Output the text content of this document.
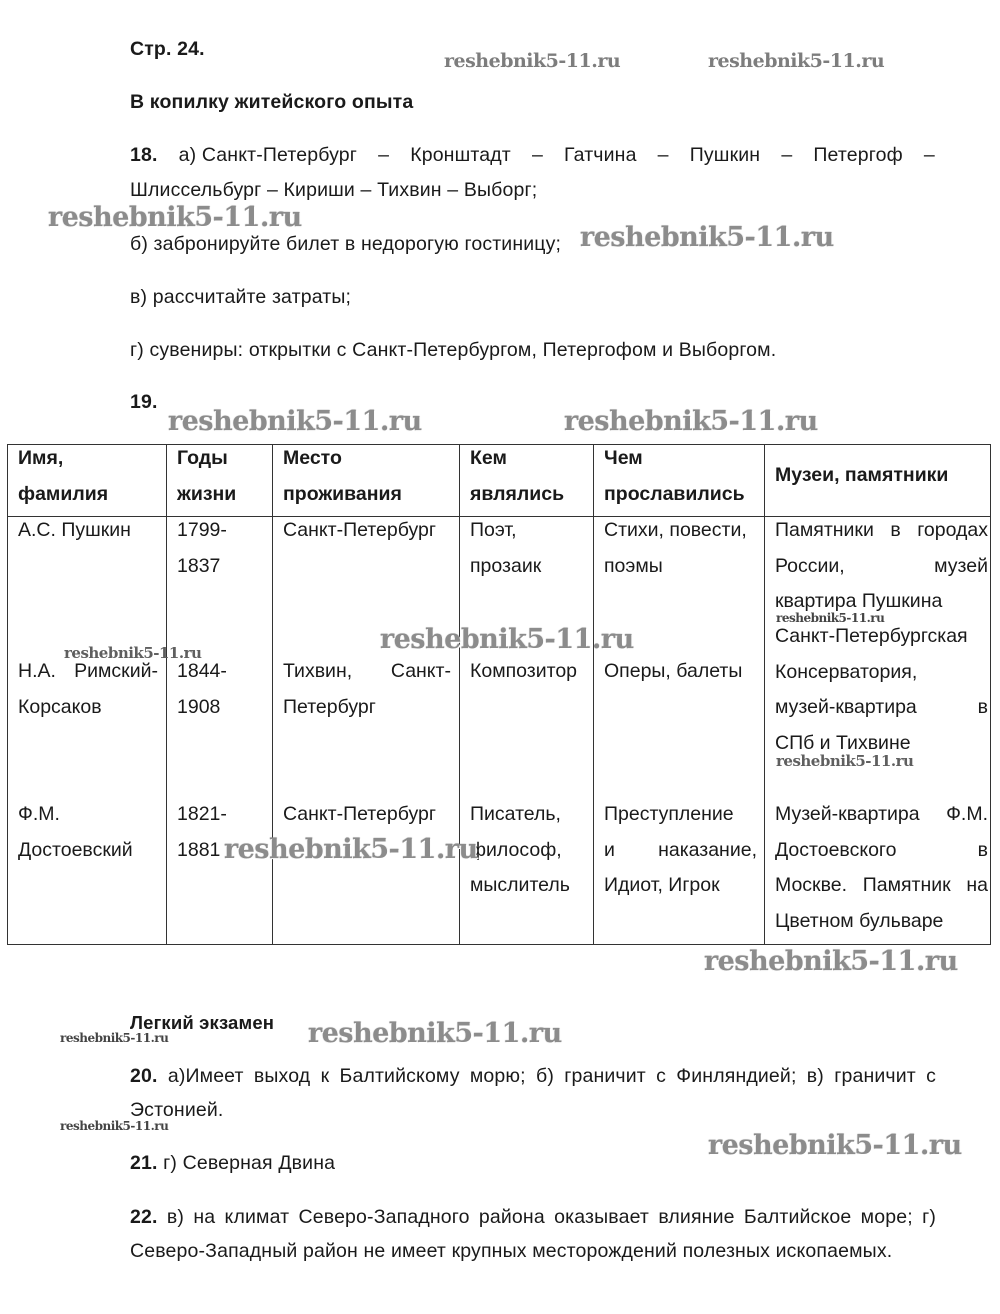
Стр. 24.
В копилку житейского опыта
18. а) Санкт-Петербург – Кронштадт – Гатчина – Пушкин – Петергоф –
Шлиссельбург – Кириши – Тихвин – Выборг;
б) забронируйте билет в недорогую гостиницу;
в) рассчитайте затраты;
г) сувениры: открытки с Санкт-Петербургом, Петергофом и Выборгом.
19.
Имя,
фамилия
Годы
жизни
Место
проживания
Кем
являлись
Чем
прославились
Музеи, памятники
А.С. Пушкин 1799-
1837
Санкт-Петербург Поэт,
прозаик
Стихи, повести,
поэмы
Памятники в городах
России, музей
квартира Пушкина
Н.А. Римский-
Корсаков
1844-
1908
Тихвин, Санкт-
Петербург
Композитор Оперы, балеты
Санкт-Петербургская
Консерватория,
музей-квартира в
СПб и Тихвине
Ф.М.
Достоевский
1821-
1881
Санкт-Петербург Писатель,
философ,
мыслитель
Преступление
и наказание,
Идиот, Игрок
Музей-квартира Ф.М.
Достоевского в
Москве. Памятник на
Цветном бульваре
Легкий экзамен
20. а)Имеет выход к Балтийскому морю; б) граничит с Финляндией; в) граничит с
Эстонией.
21. г) Северная Двина
22. в) на климат Северо-Западного района оказывает влияние Балтийское море; г)
Северо-Западный район не имеет крупных месторождений полезных ископаемых.
reshebnik5-11.ru	reshebnik5-11.ru
reshebnik5-11.ru
reshebnik5-11.ru
reshebnik5-11.ru	reshebnik5-11.ru
reshebnik5-11.ru
reshebnik5-11.ru
reshebnik5-11.ru
reshebnik5-11.ru
reshebnik5-11.ru
reshebnik5-11.ru
reshebnik5-11.ru
reshebnik5-11.ru
reshebnik5-11.ru
reshebnik5-11.ru
